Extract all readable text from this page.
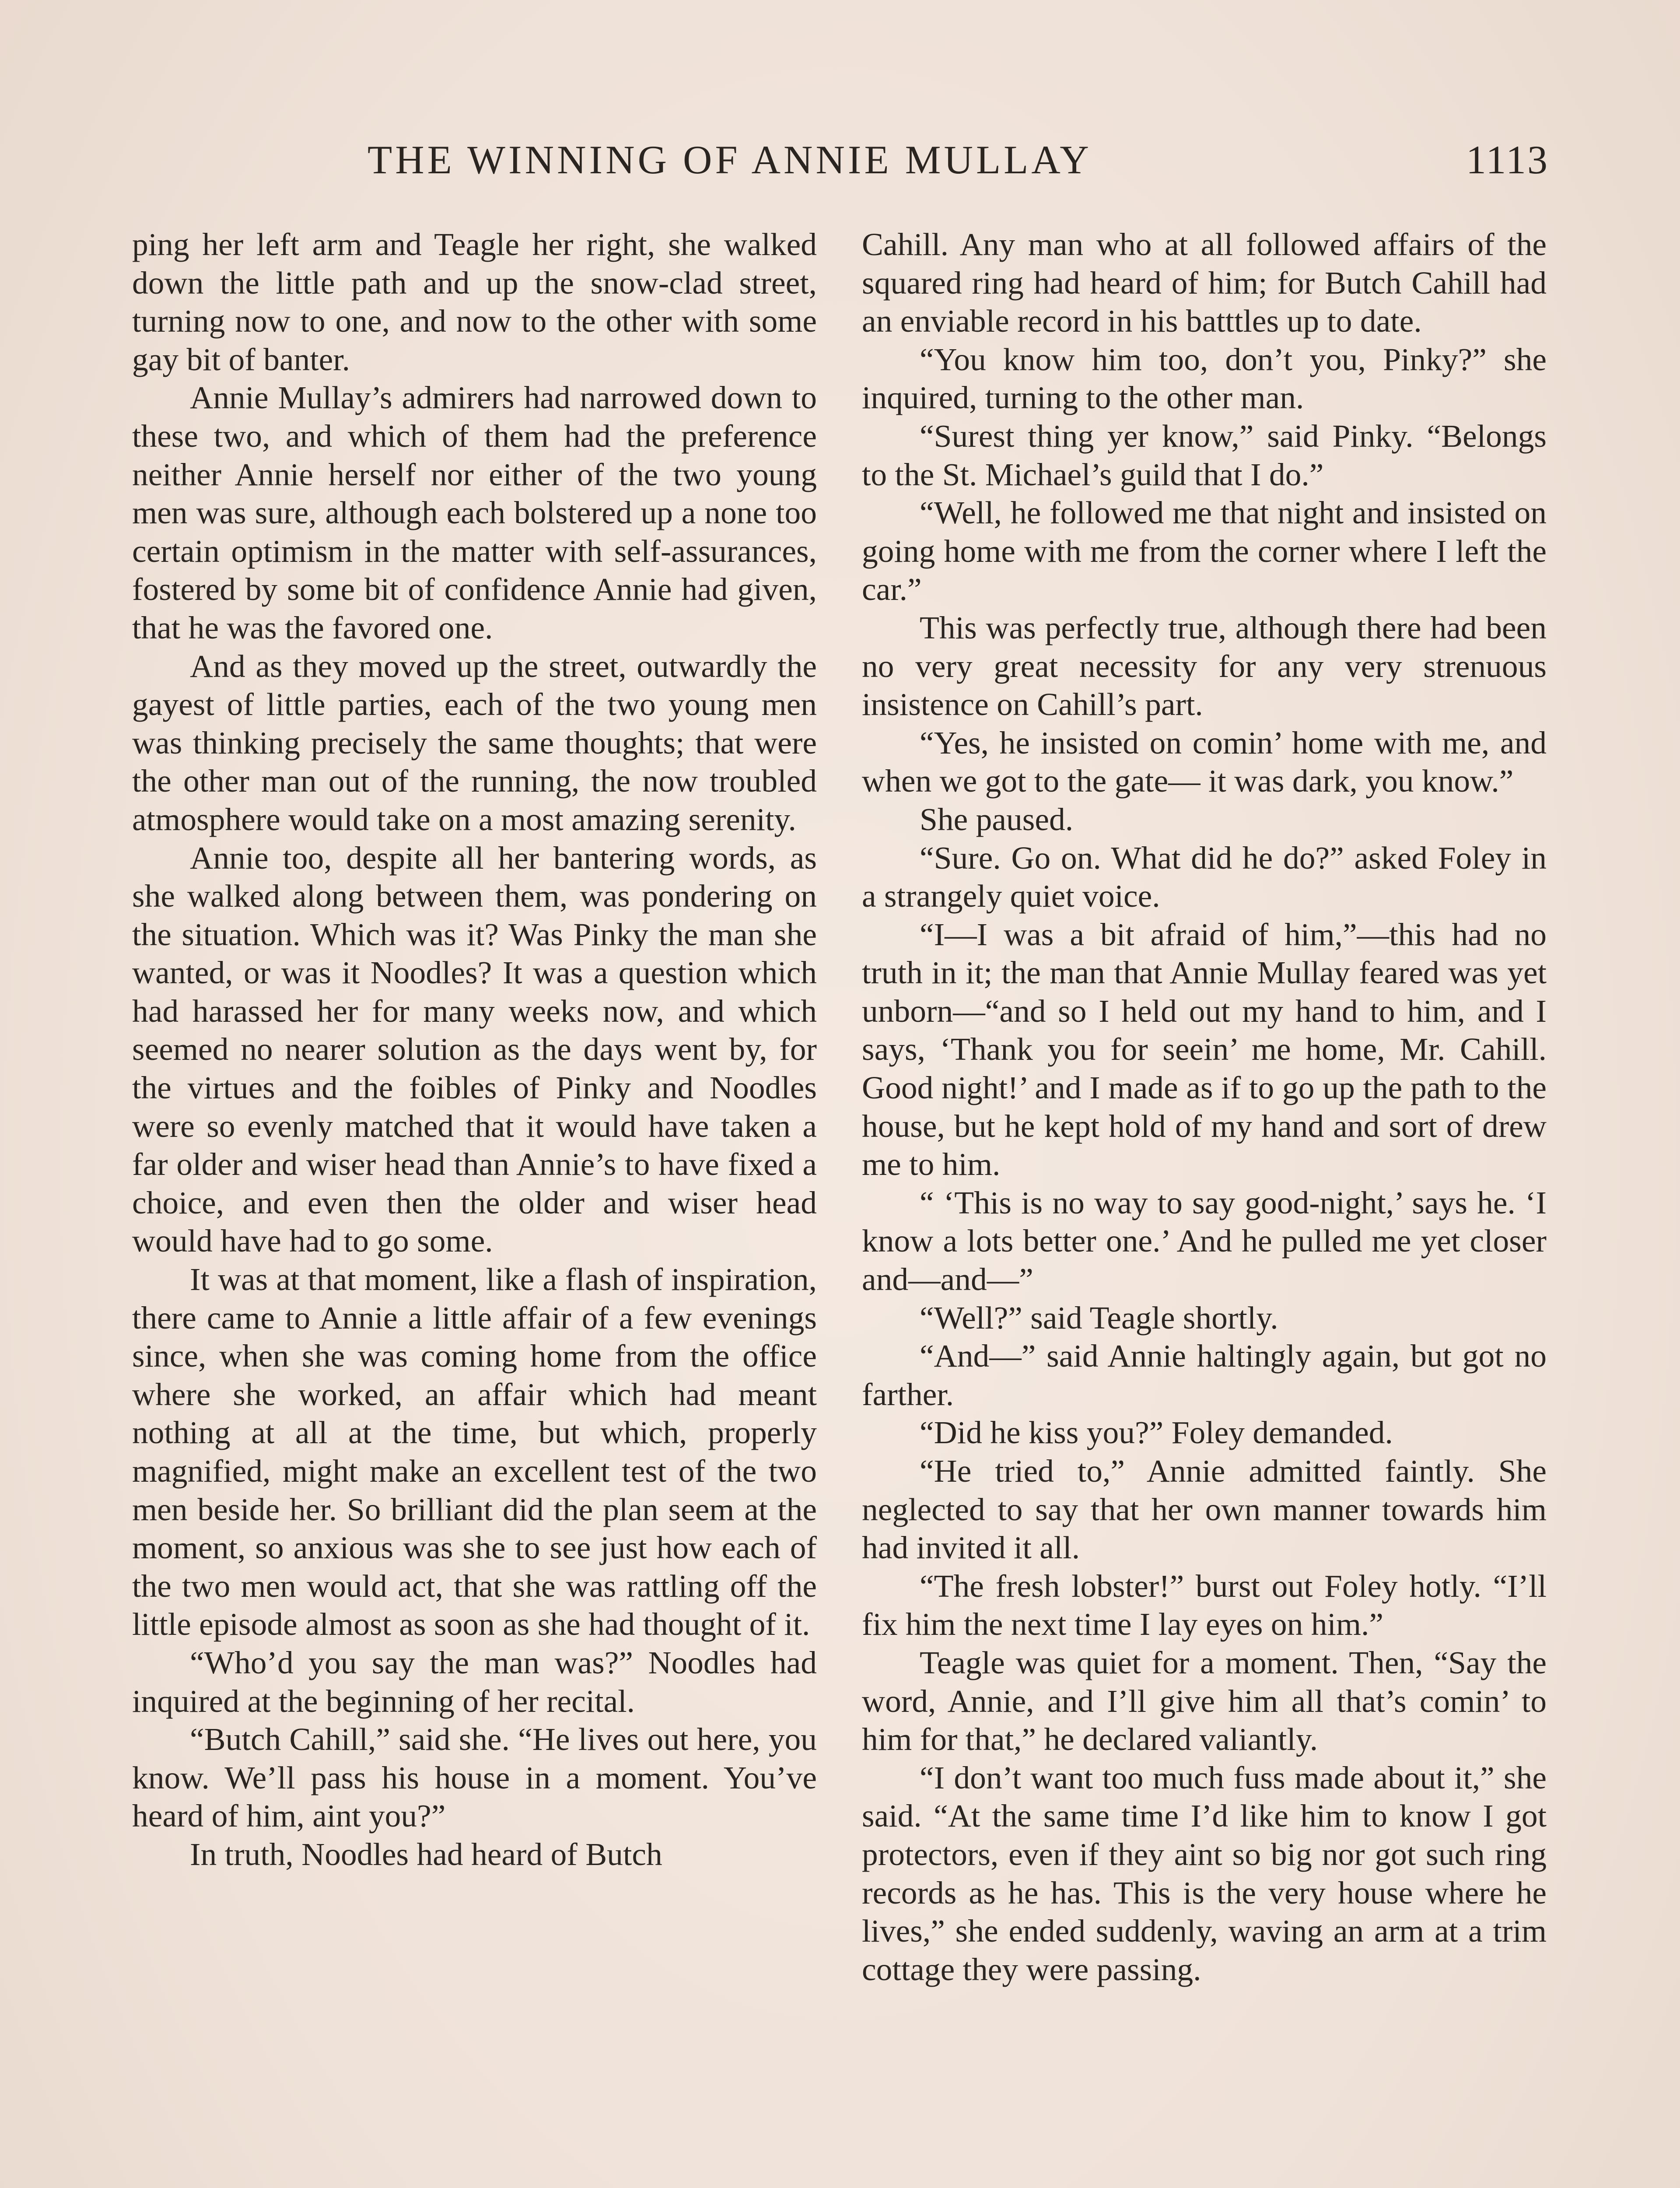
THE WINNING OF ANNIE MULLAY	1113

ping her left arm and Teagle her right, she walked down the little path and up the snow-clad street, turning now to one, and now to the other with some gay bit of banter.

Annie Mullay’s admirers had narrowed down to these two, and which of them had the preference neither Annie herself nor either of the two young men was sure, although each bolstered up a none too certain optimism in the matter with self-assurances, fostered by some bit of confidence Annie had given, that he was the favored one.

And as they moved up the street, outwardly the gayest of little parties, each of the two young men was thinking precisely the same thoughts; that were the other man out of the running, the now troubled atmosphere would take on a most amazing serenity.

Annie too, despite all her bantering words, as she walked along between them, was pondering on the situation. Which was it? Was Pinky the man she wanted, or was it Noodles? It was a question which had harassed her for many weeks now, and which seemed no nearer solution as the days went by, for the virtues and the foibles of Pinky and Noodles were so evenly matched that it would have taken a far older and wiser head than Annie’s to have fixed a choice, and even then the older and wiser head would have had to go some.

It was at that moment, like a flash of inspiration, there came to Annie a little affair of a few evenings since, when she was coming home from the office where she worked, an affair which had meant nothing at all at the time, but which, properly magnified, might make an excellent test of the two men beside her. So brilliant did the plan seem at the moment, so anxious was she to see just how each of the two men would act, that she was rattling off the little episode almost as soon as she had thought of it.

“Who’d you say the man was?” Noodles had inquired at the beginning of her recital.

“Butch Cahill,” said she. “He lives out here, you know. We’ll pass his house in a moment. You’ve heard of him, aint you?”

In truth, Noodles had heard of Butch

Cahill. Any man who at all followed affairs of the squared ring had heard of him; for Butch Cahill had an enviable record in his batttles up to date.

“You know him too, don’t you, Pinky?” she inquired, turning to the other man.

“Surest thing yer know,” said Pinky. “Belongs to the St. Michael’s guild that I do.”

“Well, he followed me that night and insisted on going home with me from the corner where I left the car.”

This was perfectly true, although there had been no very great necessity for any very strenuous insistence on Cahill’s part.

“Yes, he insisted on comin’ home with me, and when we got to the gate— it was dark, you know.”

She paused.

“Sure. Go on. What did he do?” asked Foley in a strangely quiet voice.

“I—I was a bit afraid of him,”—this had no truth in it; the man that Annie Mullay feared was yet unborn—“and so I held out my hand to him, and I says, ‘Thank you for seein’ me home, Mr. Cahill. Good night!’ and I made as if to go up the path to the house, but he kept hold of my hand and sort of drew me to him.

“ ‘This is no way to say good-night,’ says he. ‘I know a lots better one.’ And he pulled me yet closer and—and—”

“Well?” said Teagle shortly.

“And—” said Annie haltingly again, but got no farther.

“Did he kiss you?” Foley demanded.

“He tried to,” Annie admitted faintly. She neglected to say that her own manner towards him had invited it all.

“The fresh lobster!” burst out Foley hotly. “I’ll fix him the next time I lay eyes on him.”

Teagle was quiet for a moment. Then, “Say the word, Annie, and I’ll give him all that’s comin’ to him for that,” he declared valiantly.

“I don’t want too much fuss made about it,” she said. “At the same time I’d like him to know I got protectors, even if they aint so big nor got such ring records as he has. This is the very house where he lives,” she ended suddenly, waving an arm at a trim cottage they were passing.
